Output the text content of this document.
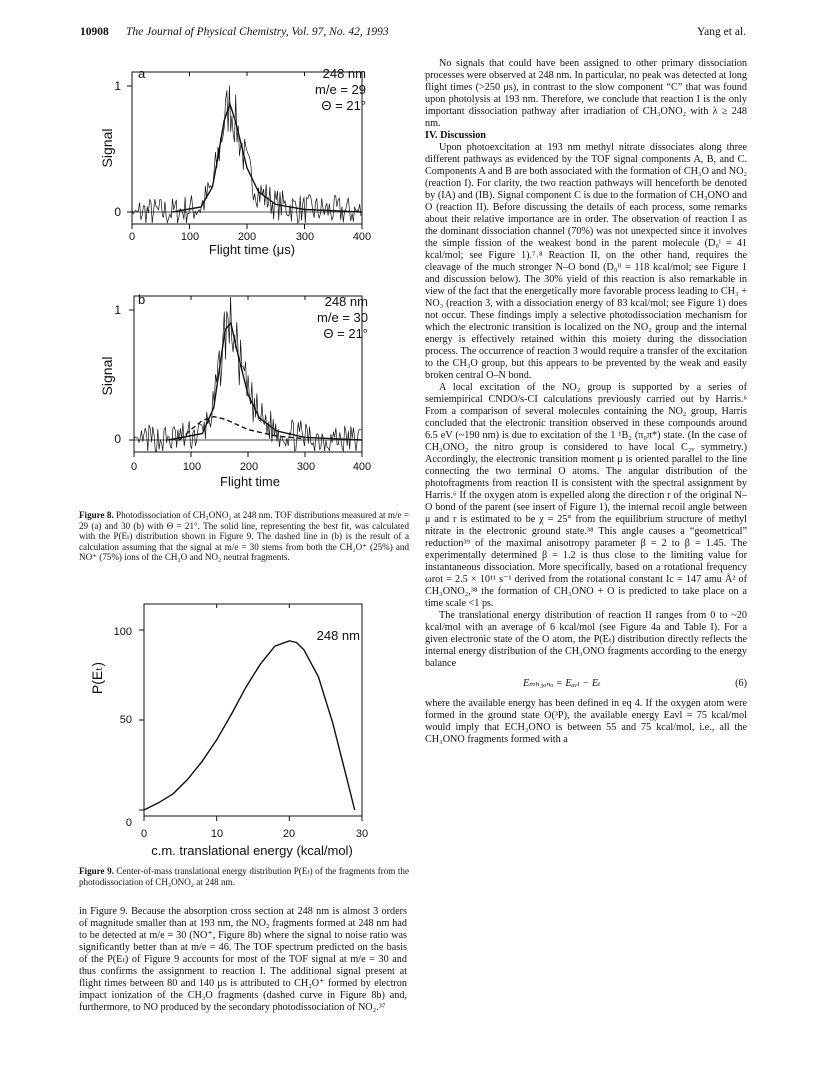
10908 The Journal of Physical Chemistry, Vol. 97, No. 42, 1993	Yang et al.
1
0
Signal
a	248 nm
m/e = 29
Θ = 21°
0	100	200	300	400
Flight time (μs)
1
0
Signal
b	248 nm
m/e = 30
Θ = 21°
0	100	200	300	400
Flight time
Figure 8. Photodissociation of CH₃ONO₂ at 248 nm. TOF distributions measured at m/e = 29 (a) and 30 (b) with Θ = 21°. The solid line, representing the best fit, was calculated with the P(Eₜ) distribution shown in Figure 9. The dashed line in (b) is the result of a calculation assuming that the signal at m/e = 30 stems from both the CH₂O⁺ (25%) and NO⁺ (75%) ions of the CH₃O and NO₂ neutral fragments.
P(Eₜ)
100
50
248 nm
0
0	10	20	30
c.m. translational energy (kcal/mol)
Figure 9. Center-of-mass translational energy distribution P(Eₜ) of the fragments from the photodissociation of CH₃ONO₂ at 248 nm.

in Figure 9. Because the absorption cross section at 248 nm is almost 3 orders of magnitude smaller than at 193 nm, the NO₂ fragments formed at 248 nm had to be detected at m/e = 30 (NO⁺, Figure 8b) where the signal to noise ratio was significantly better than at m/e = 46. The TOF spectrum predicted on the basis of the P(Eₜ) of Figure 9 accounts for most of the TOF signal at m/e = 30 and thus confirms the assignment to reaction I. The additional signal present at flight times between 80 and 140 μs is attributed to CH₂O⁺ formed by electron impact ionization of the CH₃O fragments (dashed curve in Figure 8b) and, furthermore, to NO produced by the secondary photodissociation of NO₂.³⁷

No signals that could have been assigned to other primary dissociation processes were observed at 248 nm. In particular, no peak was detected at long flight times (>250 μs), in contrast to the slow component “C” that was found upon photolysis at 193 nm. Therefore, we conclude that reaction I is the only important dissociation pathway after irradiation of CH₃ONO₂ with λ ≥ 248 nm.

IV. Discussion

Upon photoexcitation at 193 nm methyl nitrate dissociates along three different pathways as evidenced by the TOF signal components A, B, and C. Components A and B are both associated with the formation of CH₃O and NO₂ (reaction I). For clarity, the two reaction pathways will henceforth be denoted by (IA) and (IB). Signal component C is due to the formation of CH₃ONO and O (reaction II). Before discussing the details of each process, some remarks about their relative importance are in order. The observation of reaction I as the dominant dissociation channel (70%) was not unexpected since it involves the simple fission of the weakest bond in the parent molecule (D₀ᴵ = 41 kcal/mol; see Figure 1).⁷˒⁸ Reaction II, on the other hand, requires the cleavage of the much stronger N–O bond (D₀ᴵᴵ = 118 kcal/mol; see Figure 1 and discussion below). The 30% yield of this reaction is also remarkable in view of the fact that the energetically more favorable process leading to CH₃ + NO₃ (reaction 3, with a dissociation energy of 83 kcal/mol; see Figure 1) does not occur. These findings imply a selective photodissociation mechanism for which the electronic transition is localized on the NO₂ group and the internal energy is effectively retained within this moiety during the dissociation process. The occurrence of reaction 3 would require a transfer of the excitation to the CH₃O group, but this appears to be prevented by the weak and easily broken central O–N bond.

A local excitation of the NO₂ group is supported by a series of semiempirical CNDO/s-CI calculations previously carried out by Harris.⁶ From a comparison of several molecules containing the NO₂ group, Harris concluded that the electronic transition observed in these compounds around 6.5 eV (~190 nm) is due to excitation of the 1 ¹B₂ (π₀π*) state. (In the case of CH₃ONO₂ the nitro group is considered to have local C₂ᵥ symmetry.) Accordingly, the electronic transition moment μ is oriented parallel to the line connecting the two terminal O atoms. The angular distribution of the photofragments from reaction II is consistent with the spectral assignment by Harris.⁶ If the oxygen atom is expelled along the direction r of the original N–O bond of the parent (see insert of Figure 1), the internal recoil angle between μ and r is estimated to be χ = 25° from the equilibrium structure of methyl nitrate in the electronic ground state.³⁸ This angle causes a “geometrical” reduction³⁹ of the maximal anisotropy parameter β = 2 to β = 1.45. The experimentally determined β = 1.2 is thus close to the limiting value for instantaneous dissociation. More specifically, based on a rotational frequency ωrot = 2.5 × 10¹¹ s⁻¹ derived from the rotational constant Ic = 147 amu Å² of CH₃ONO₂,³⁸ the formation of CH₃ONO + O is predicted to take place on a time scale <1 ps.

The translational energy distribution of reaction II ranges from 0 to ~20 kcal/mol with an average of 6 kcal/mol (see Figure 4a and Table I). For a given electronic state of the O atom, the P(Eₜ) distribution directly reflects the internal energy distribution of the CH₃ONO fragments according to the energy balance

Eₘₕ₃ₒₙₒ = Eₐᵥₗ − Eₜ	(6)

where the available energy has been defined in eq 4. If the oxygen atom were formed in the ground state O(³P), the available energy Eavl = 75 kcal/mol would imply that ECH₃ONO is between 55 and 75 kcal/mol, i.e., all the CH₃ONO fragments formed with a
